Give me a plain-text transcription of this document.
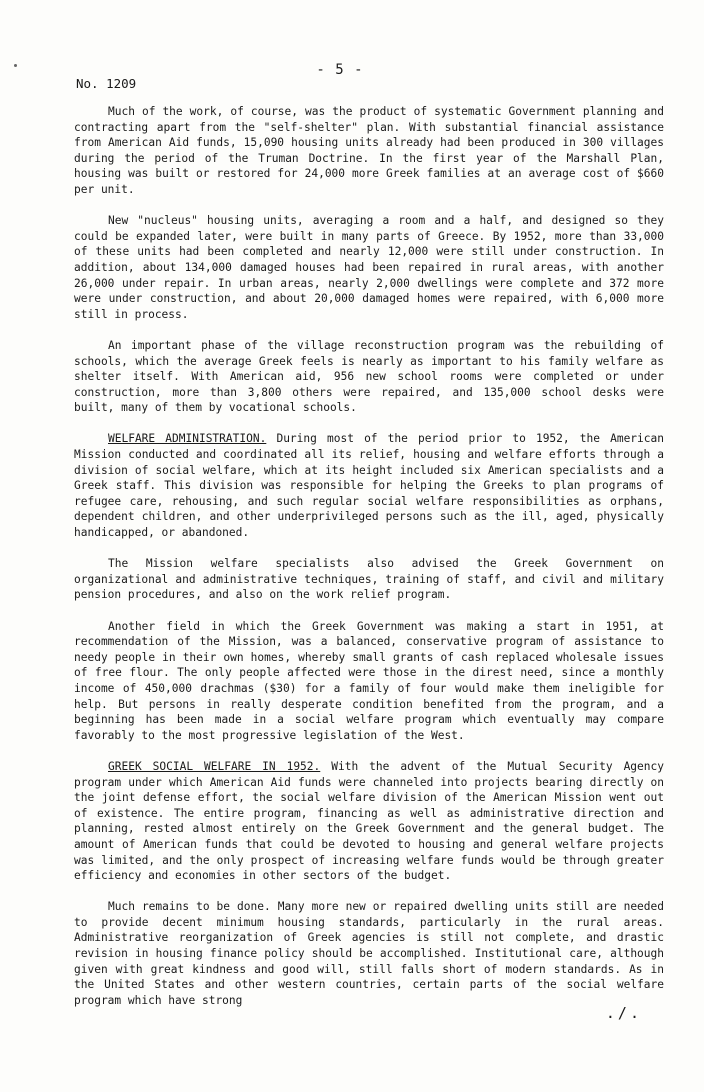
- 5 -
No. 1209

Much of the work, of course, was the product of systematic Government planning and contracting apart from the "self-shelter" plan. With substantial financial assistance from American Aid funds, 15,090 housing units already had been produced in 300 villages during the period of the Truman Doctrine. In the first year of the Marshall Plan, housing was built or restored for 24,000 more Greek families at an average cost of $660 per unit.

New "nucleus" housing units, averaging a room and a half, and designed so they could be expanded later, were built in many parts of Greece. By 1952, more than 33,000 of these units had been completed and nearly 12,000 were still under construction. In addition, about 134,000 damaged houses had been repaired in rural areas, with another 26,000 under repair. In urban areas, nearly 2,000 dwellings were complete and 372 more were under construction, and about 20,000 damaged homes were repaired, with 6,000 more still in process.

An important phase of the village reconstruction program was the rebuilding of schools, which the average Greek feels is nearly as important to his family welfare as shelter itself. With American aid, 956 new school rooms were completed or under construction, more than 3,800 others were repaired, and 135,000 school desks were built, many of them by vocational schools.

WELFARE ADMINISTRATION. During most of the period prior to 1952, the American Mission conducted and coordinated all its relief, housing and welfare efforts through a division of social welfare, which at its height included six American specialists and a Greek staff. This division was responsible for helping the Greeks to plan programs of refugee care, rehousing, and such regular social welfare responsibilities as orphans, dependent children, and other underprivileged persons such as the ill, aged, physically handicapped, or abandoned.

The Mission welfare specialists also advised the Greek Government on organizational and administrative techniques, training of staff, and civil and military pension procedures, and also on the work relief program.

Another field in which the Greek Government was making a start in 1951, at recommendation of the Mission, was a balanced, conservative program of assistance to needy people in their own homes, whereby small grants of cash replaced wholesale issues of free flour. The only people affected were those in the direst need, since a monthly income of 450,000 drachmas ($30) for a family of four would make them ineligible for help. But persons in really desperate condition benefited from the program, and a beginning has been made in a social welfare program which eventually may compare favorably to the most progressive legislation of the West.

GREEK SOCIAL WELFARE IN 1952. With the advent of the Mutual Security Agency program under which American Aid funds were channeled into projects bearing directly on the joint defense effort, the social welfare division of the American Mission went out of existence. The entire program, financing as well as administrative direction and planning, rested almost entirely on the Greek Government and the general budget. The amount of American funds that could be devoted to housing and general welfare projects was limited, and the only prospect of increasing welfare funds would be through greater efficiency and economies in other sectors of the budget.

Much remains to be done. Many more new or repaired dwelling units still are needed to provide decent minimum housing standards, particularly in the rural areas. Administrative reorganization of Greek agencies is still not complete, and drastic revision in housing finance policy should be accomplished. Institutional care, although given with great kindness and good will, still falls short of modern standards. As in the United States and other western countries, certain parts of the social welfare program which have strong

./.
